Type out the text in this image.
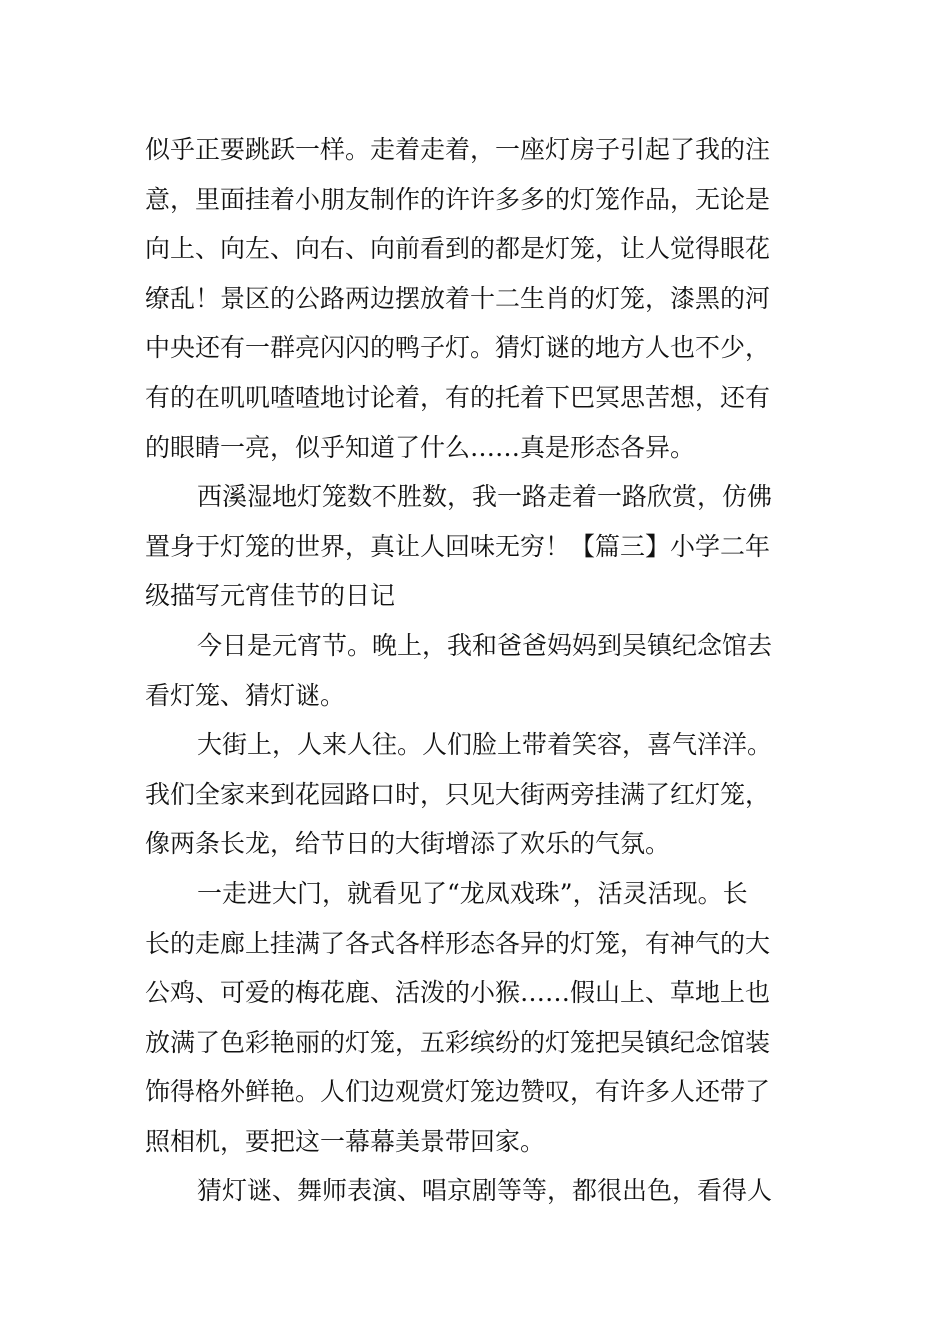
似乎正要跳跃一样。走着走着，一座灯房子引起了我的注
意，里面挂着小朋友制作的许许多多的灯笼作品，无论是
向上、向左、向右、向前看到的都是灯笼，让人觉得眼花
缭乱！景区的公路两边摆放着十二生肖的灯笼，漆黑的河
中央还有一群亮闪闪的鸭子灯。猜灯谜的地方人也不少，
有的在叽叽喳喳地讨论着，有的托着下巴冥思苦想，还有
的眼睛一亮，似乎知道了什么……真是形态各异。
西溪湿地灯笼数不胜数，我一路走着一路欣赏，仿佛
置身于灯笼的世界，真让人回味无穷！【篇三】小学二年
级描写元宵佳节的日记
今日是元宵节。晚上，我和爸爸妈妈到吴镇纪念馆去
看灯笼、猜灯谜。
大街上，人来人往。人们脸上带着笑容，喜气洋洋。
我们全家来到花园路口时，只见大街两旁挂满了红灯笼，
像两条长龙，给节日的大街增添了欢乐的气氛。
一走进大门，就看见了“龙凤戏珠”，活灵活现。长
长的走廊上挂满了各式各样形态各异的灯笼，有神气的大
公鸡、可爱的梅花鹿、活泼的小猴……假山上、草地上也
放满了色彩艳丽的灯笼，五彩缤纷的灯笼把吴镇纪念馆装
饰得格外鲜艳。人们边观赏灯笼边赞叹，有许多人还带了
照相机，要把这一幕幕美景带回家。
猜灯谜、舞师表演、唱京剧等等，都很出色，看得人
